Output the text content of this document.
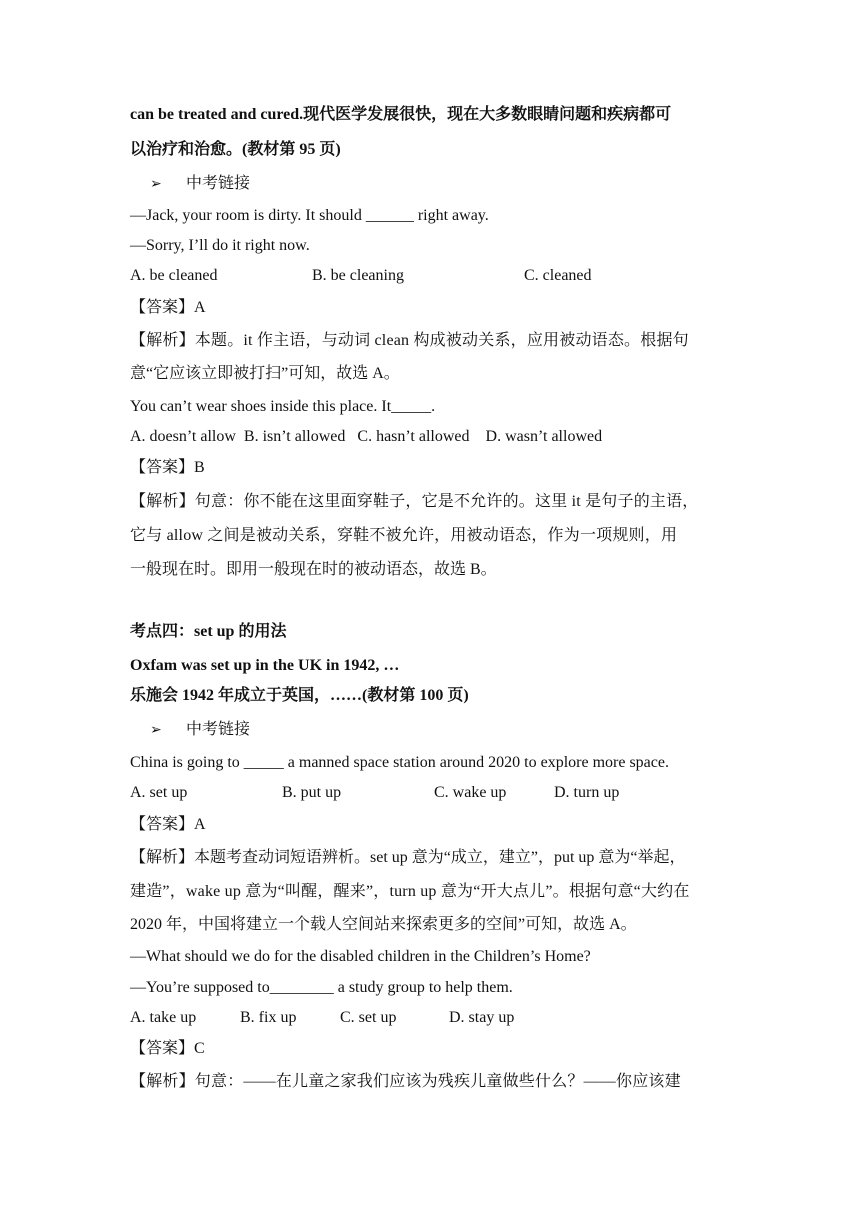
can be treated and cured.现代医学发展很快，现在大多数眼睛问题和疾病都可
以治疗和治愈。(教材第 95 页)
➢ 中考链接
—Jack, your room is dirty. It should ______ right away.
—Sorry, I’ll do it right now.
A. be cleaned	B. be cleaning	C. cleaned
【答案】A
【解析】本题。it 作主语，与动词 clean 构成被动关系，应用被动语态。根据句
意“它应该立即被打扫”可知，故选 A。
You can’t wear shoes inside this place. It_____.
A. doesn’t allow  B. isn’t allowed   C. hasn’t allowed    D. wasn’t allowed
【答案】B
【解析】句意：你不能在这里面穿鞋子，它是不允许的。这里 it 是句子的主语，
它与 allow 之间是被动关系，穿鞋不被允许，用被动语态，作为一项规则，用
一般现在时。即用一般现在时的被动语态，故选 B。
考点四：set up 的用法
Oxfam was set up in the UK in 1942, …
乐施会 1942 年成立于英国，……(教材第 100 页)
➢ 中考链接
China is going to _____ a manned space station around 2020 to explore more space.
A. set up	B. put up	C. wake up	D. turn up
【答案】A
【解析】本题考查动词短语辨析。set up 意为“成立，建立”，put up 意为“举起，
建造”，wake up 意为“叫醒，醒来”，turn up 意为“开大点儿”。根据句意“大约在
2020 年，中国将建立一个载人空间站来探索更多的空间”可知，故选 A。
—What should we do for the disabled children in the Children’s Home?
—You’re supposed to________ a study group to help them.
A. take up	B. fix up	C. set up	D. stay up
【答案】C
【解析】句意：——在儿童之家我们应该为残疾儿童做些什么？——你应该建
